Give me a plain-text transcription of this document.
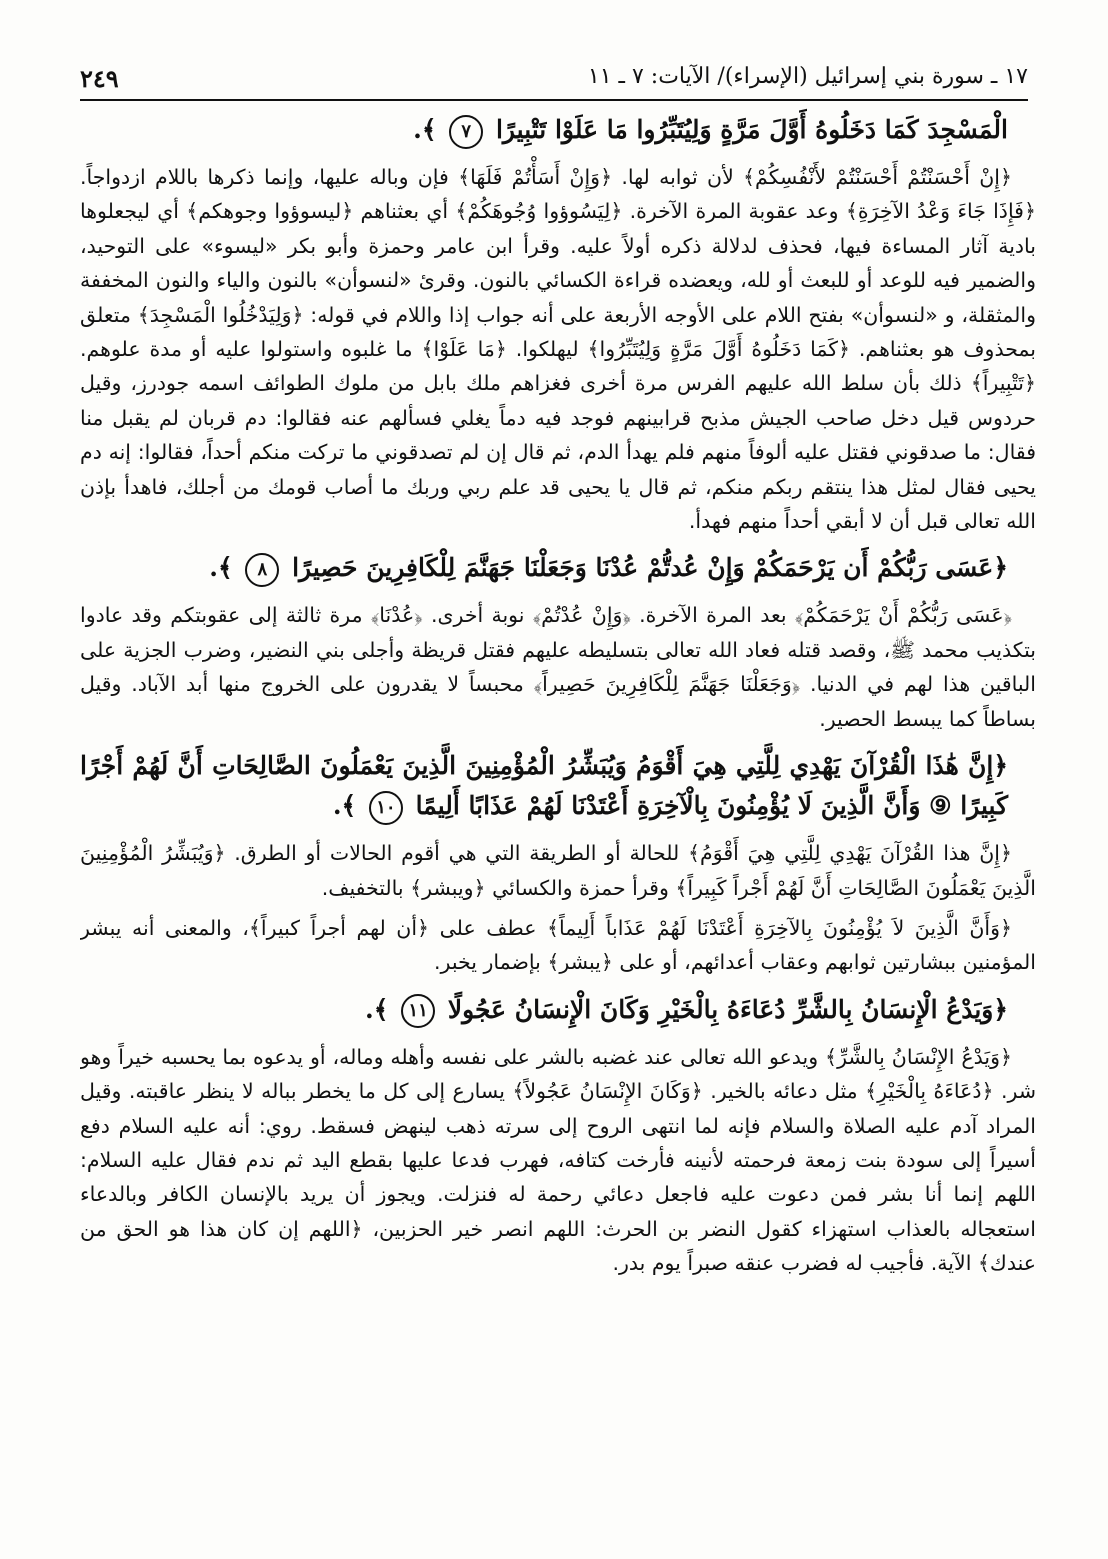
١٧ ـ سورة بني إسرائيل (الإسراء)/ الآيات: ٧ ـ ١١
٢٤٩
الْمَسْجِدَ كَمَا دَخَلُوهُ أَوَّلَ مَرَّةٍ وَلِيُتَبِّرُوا مَا عَلَوْا تَتْبِيرًا ٧ ﴾.

﴿إِنْ أَحْسَنْتُمْ أَحْسَنْتُمْ لأَنْفُسِكُمْ﴾ لأن ثوابه لها. ﴿وَإِنْ أَسَأْتُمْ فَلَهَا﴾ فإن وباله عليها، وإنما ذكرها باللام ازدواجاً. ﴿فَإِذَا جَاءَ وَعْدُ الآخِرَةِ﴾ وعد عقوبة المرة الآخرة. ﴿لِيَسُوؤوا وُجُوهَكُمْ﴾ أي بعثناهم ﴿ليسوؤوا وجوهكم﴾ أي ليجعلوها بادية آثار المساءة فيها، فحذف لدلالة ذكره أولاً عليه. وقرأ ابن عامر وحمزة وأبو بكر «ليسوء» على التوحيد، والضمير فيه للوعد أو للبعث أو لله، ويعضده قراءة الكسائي بالنون. وقرئ «لنسوأن» بالنون والياء والنون المخففة والمثقلة، و «لنسوأن» بفتح اللام على الأوجه الأربعة على أنه جواب إذا واللام في قوله: ﴿وَلِيَدْخُلُوا الْمَسْجِدَ﴾ متعلق بمحذوف هو بعثناهم. ﴿كَمَا دَخَلُوهُ أَوَّلَ مَرَّةٍ وَلِيُتَبِّرُوا﴾ ليهلكوا. ﴿مَا عَلَوْا﴾ ما غلبوه واستولوا عليه أو مدة علوهم. ﴿تَتْبِيراً﴾ ذلك بأن سلط الله عليهم الفرس مرة أخرى فغزاهم ملك بابل من ملوك الطوائف اسمه جودرز، وقيل حردوس قيل دخل صاحب الجيش مذبح قرابينهم فوجد فيه دماً يغلي فسألهم عنه فقالوا: دم قربان لم يقبل منا فقال: ما صدقوني فقتل عليه ألوفاً منهم فلم يهدأ الدم، ثم قال إن لم تصدقوني ما تركت منكم أحداً، فقالوا: إنه دم يحيى فقال لمثل هذا ينتقم ربكم منكم، ثم قال يا يحيى قد علم ربي وربك ما أصاب قومك من أجلك، فاهدأ بإذن الله تعالى قبل أن لا أبقي أحداً منهم فهدأ.

﴿عَسَى رَبُّكُمْ أَن يَرْحَمَكُمْ وَإِنْ عُدتُّمْ عُدْنَا وَجَعَلْنَا جَهَنَّمَ لِلْكَافِرِينَ حَصِيرًا ٨ ﴾.

﴿عَسَى رَبُّكُمْ أَنْ يَرْحَمَكُمْ﴾ بعد المرة الآخرة. ﴿وَإِنْ عُدْتُمْ﴾ نوبة أخرى. ﴿عُدْنَا﴾ مرة ثالثة إلى عقوبتكم وقد عادوا بتكذيب محمد ﷺ، وقصد قتله فعاد الله تعالى بتسليطه عليهم فقتل قريظة وأجلى بني النضير، وضرب الجزية على الباقين هذا لهم في الدنيا. ﴿وَجَعَلْنَا جَهَنَّمَ لِلْكَافِرِينَ حَصِيراً﴾ محبساً لا يقدرون على الخروج منها أبد الآباد. وقيل بساطاً كما يبسط الحصير.

﴿إِنَّ هَٰذَا الْقُرْآنَ يَهْدِي لِلَّتِي هِيَ أَقْوَمُ وَيُبَشِّرُ الْمُؤْمِنِينَ الَّذِينَ يَعْمَلُونَ الصَّالِحَاتِ أَنَّ لَهُمْ أَجْرًا كَبِيرًا ⑨ وَأَنَّ الَّذِينَ لَا يُؤْمِنُونَ بِالْآخِرَةِ أَعْتَدْنَا لَهُمْ عَذَابًا أَلِيمًا ١٠ ﴾.

﴿إِنَّ هذا القُرْآنَ يَهْدِي لِلَّتِي هِيَ أَقْوَمُ﴾ للحالة أو الطريقة التي هي أقوم الحالات أو الطرق. ﴿وَيُبَشِّرُ الْمُؤْمِنِينَ الَّذِينَ يَعْمَلُونَ الصَّالِحَاتِ أَنَّ لَهُمْ أَجْراً كَبِيراً﴾ وقرأ حمزة والكسائي ﴿ويبشر﴾ بالتخفيف.

﴿وَأَنَّ الَّذِينَ لاَ يُؤْمِنُونَ بِالآخِرَةِ أَعْتَدْنَا لَهُمْ عَذَاباً أَلِيماً﴾ عطف على ﴿أن لهم أجراً كبيراً﴾، والمعنى أنه يبشر المؤمنين ببشارتين ثوابهم وعقاب أعدائهم، أو على ﴿يبشر﴾ بإضمار يخبر.

﴿وَيَدْعُ الْإِنسَانُ بِالشَّرِّ دُعَاءَهُ بِالْخَيْرِ وَكَانَ الْإِنسَانُ عَجُولًا ١١ ﴾.

﴿وَيَدْعُ الإِنْسَانُ بِالشَّرِّ﴾ ويدعو الله تعالى عند غضبه بالشر على نفسه وأهله وماله، أو يدعوه بما يحسبه خيراً وهو شر. ﴿دُعَاءَهُ بِالْخَيْرِ﴾ مثل دعائه بالخير. ﴿وَكَانَ الإِنْسَانُ عَجُولاً﴾ يسارع إلى كل ما يخطر بباله لا ينظر عاقبته. وقيل المراد آدم عليه الصلاة والسلام فإنه لما انتهى الروح إلى سرته ذهب لينهض فسقط. روي: أنه عليه السلام دفع أسيراً إلى سودة بنت زمعة فرحمته لأنينه فأرخت كتافه، فهرب فدعا عليها بقطع اليد ثم ندم فقال عليه السلام: اللهم إنما أنا بشر فمن دعوت عليه فاجعل دعائي رحمة له فنزلت. ويجوز أن يريد بالإنسان الكافر وبالدعاء استعجاله بالعذاب استهزاء كقول النضر بن الحرث: اللهم انصر خير الحزبين، ﴿اللهم إن كان هذا هو الحق من عندك﴾ الآية. فأجيب له فضرب عنقه صبراً يوم بدر.
